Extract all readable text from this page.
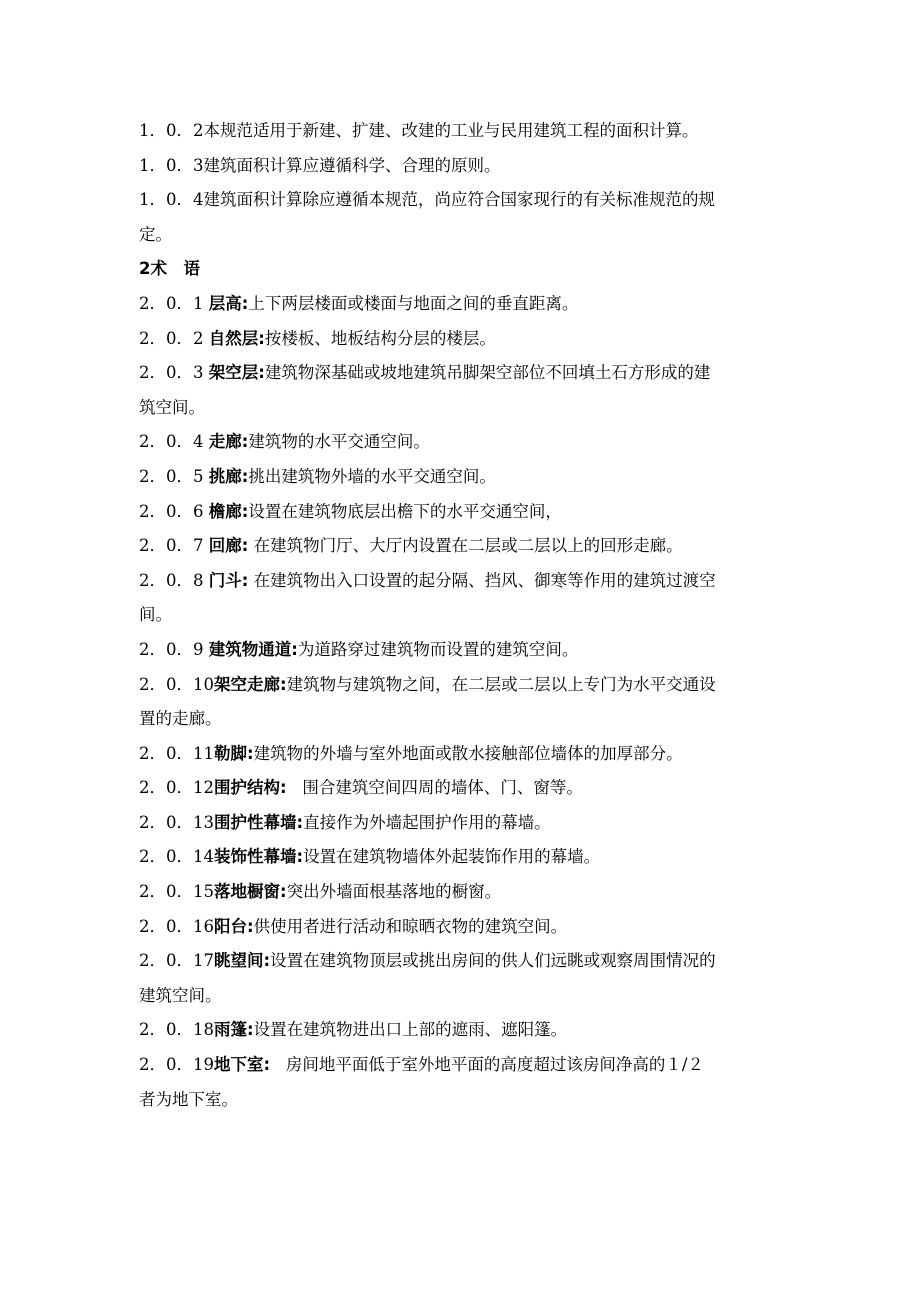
1．0．2本规范适用于新建、扩建、改建的工业与民用建筑工程的面积计算。
1．0．3建筑面积计算应遵循科学、合理的原则。
1．0．4建筑面积计算除应遵循本规范，尚应符合国家现行的有关标准规范的规
定。
2术　语
2．0．1 层高:上下两层楼面或楼面与地面之间的垂直距离。
2．0．2 自然层:按楼板、地板结构分层的楼层。
2．0．3 架空层:建筑物深基础或坡地建筑吊脚架空部位不回填土石方形成的建
筑空间。
2．0．4 走廊:建筑物的水平交通空间。
2．0．5 挑廊:挑出建筑物外墙的水平交通空间。
2．0．6 檐廊:设置在建筑物底层出檐下的水平交通空间，
2．0．7 回廊: 在建筑物门厅、大厅内设置在二层或二层以上的回形走廊。
2．0．8 门斗: 在建筑物出入口设置的起分隔、挡风、御寒等作用的建筑过渡空
间。
2．0．9 建筑物通道:为道路穿过建筑物而设置的建筑空间。
2．0．10架空走廊:建筑物与建筑物之间，在二层或二层以上专门为水平交通设
置的走廊。
2．0．11勒脚:建筑物的外墙与室外地面或散水接触部位墙体的加厚部分。
2．0．12围护结构:   围合建筑空间四周的墙体、门、窗等。
2．0．13围护性幕墙:直接作为外墙起围护作用的幕墙。
2．0．14装饰性幕墙:设置在建筑物墙体外起装饰作用的幕墙。
2．0．15落地橱窗:突出外墙面根基落地的橱窗。
2．0．16阳台:供使用者进行活动和晾晒衣物的建筑空间。
2．0．17眺望间:设置在建筑物顶层或挑出房间的供人们远眺或观察周围情况的
建筑空间。
2．0．18雨篷:设置在建筑物进出口上部的遮雨、遮阳篷。
2．0．19地下室:   房间地平面低于室外地平面的高度超过该房间净高的１/２
者为地下室。
